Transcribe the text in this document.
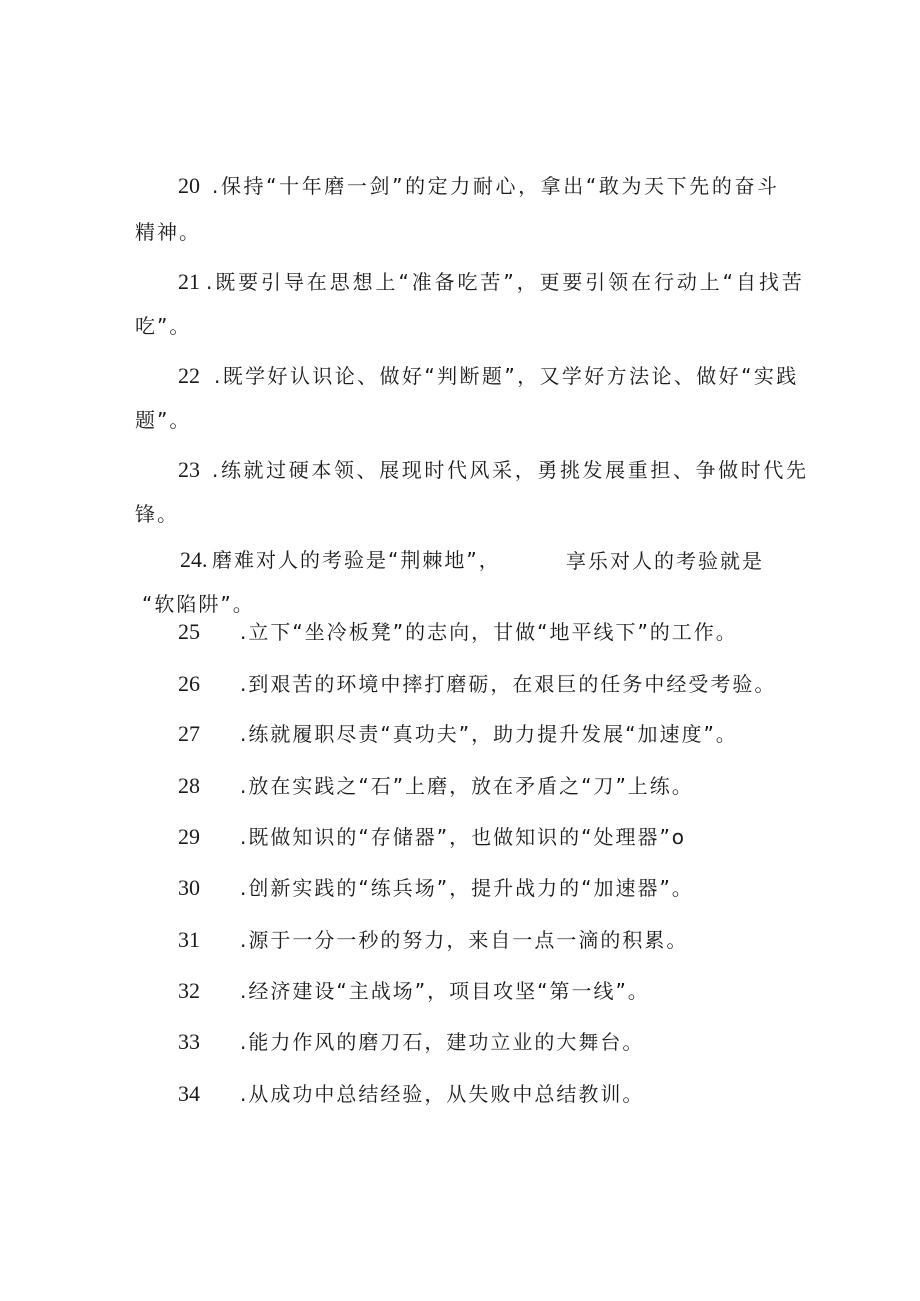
20 .保持“十年磨一剑”的定力耐心，拿出“敢为天下先的奋斗
精神。
21 .既要引导在思想上“准备吃苦”，更要引领在行动上“自找苦
吃”。
22 .既学好认识论、做好“判断题”，又学好方法论、做好“实践
题”。
23 .练就过硬本领、展现时代风采，勇挑发展重担、争做时代先
锋。
24. 磨难对人的考验是“荆棘地”，	享乐对人的考验就是
“软陷阱”。
25 .立下“坐冷板凳”的志向，甘做“地平线下”的工作。
26 .到艰苦的环境中摔打磨砺，在艰巨的任务中经受考验。
27 .练就履职尽责“真功夫”，助力提升发展“加速度”。
28 .放在实践之“石”上磨，放在矛盾之“刀”上练。
29 .既做知识的“存储器”，也做知识的“处理器”o
30 .创新实践的“练兵场”，提升战力的“加速器”。
31 .源于一分一秒的努力，来自一点一滴的积累。
32 .经济建设“主战场”，项目攻坚“第一线”。
33 .能力作风的磨刀石，建功立业的大舞台。
34 .从成功中总结经验，从失败中总结教训。
